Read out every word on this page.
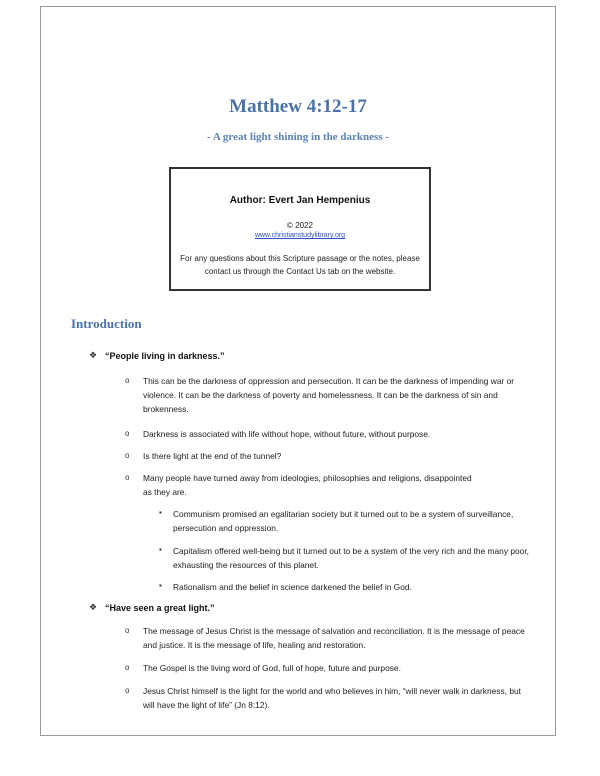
Matthew 4:12-17
- A great light shining in the darkness -
Author: Evert Jan Hempenius
© 2022
www.christianstudylibrary.org
For any questions about this Scripture passage or the notes, please contact us through the Contact Us tab on the website.
Introduction
❖ “People living in darkness.”
o This can be the darkness of oppression and persecution. It can be the darkness of impending war or violence. It can be the darkness of poverty and homelessness. It can be the darkness of sin and brokenness.
o Darkness is associated with life without hope, without future, without purpose.
o Is there light at the end of the tunnel?
o Many people have turned away from ideologies, philosophies and religions, disappointed as they are.
▪ Communism promised an egalitarian society but it turned out to be a system of surveillance, persecution and oppression.
▪ Capitalism offered well-being but it turned out to be a system of the very rich and the many poor, exhausting the resources of this planet.
▪ Rationalism and the belief in science darkened the belief in God.
❖ “Have seen a great light.”
o The message of Jesus Christ is the message of salvation and reconciliation. It is the message of peace and justice. It is the message of life, healing and restoration.
o The Gospel is the living word of God, full of hope, future and purpose.
o Jesus Christ himself is the light for the world and who believes in him, “will never walk in darkness, but will have the light of life” (Jn 8:12).
